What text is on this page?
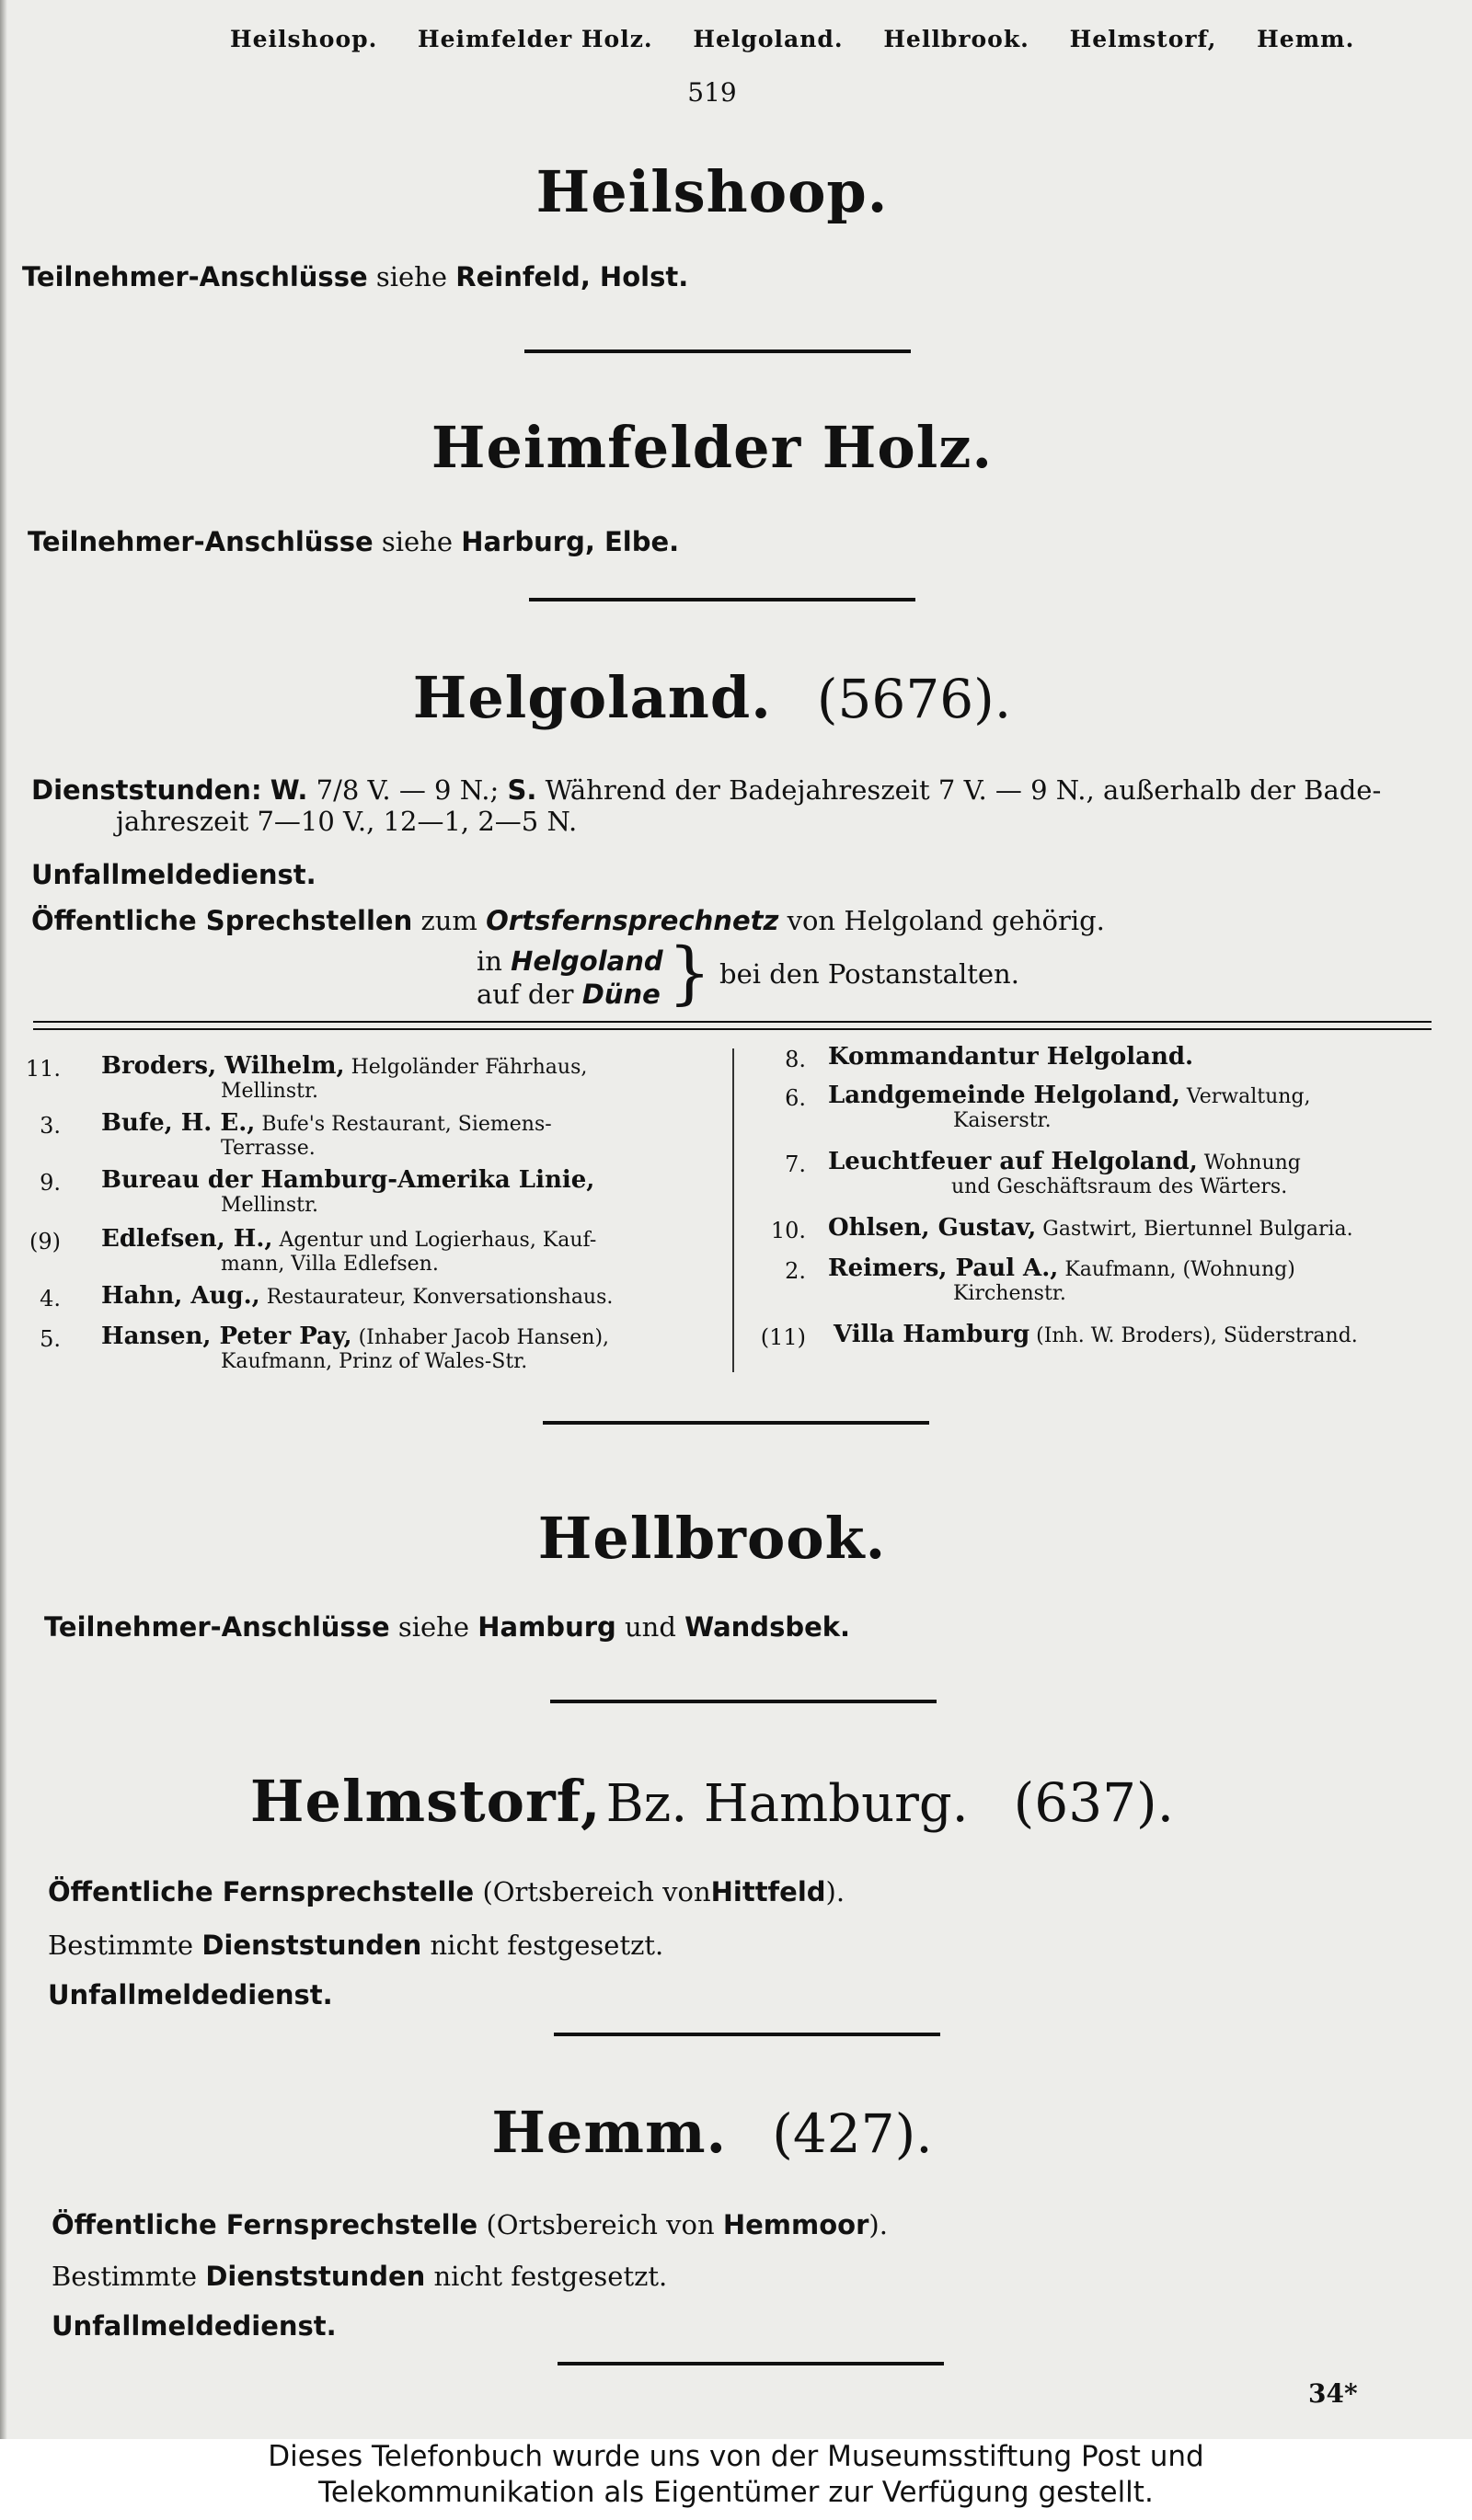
Heilshoop. Heimfelder Holz. Helgoland. Hellbrook. Helmstorf, Hemm.
519
Heilshoop.
Teilnehmer-Anschlüsse siehe Reinfeld, Holst.
Heimfelder Holz.
Teilnehmer-Anschlüsse siehe Harburg, Elbe.
Helgoland. (5676).
Dienststunden: W. 7/8 V. — 9 N.; S. Während der Badejahreszeit 7 V. — 9 N., außerhalb der Bade-
jahreszeit 7—10 V., 12—1, 2—5 N.
Unfallmeldedienst.
Öffentliche Sprechstellen zum Ortsfernsprechnetz von Helgoland gehörig.
in Helgoland
auf der Düne } bei den Postanstalten.
11. Broders, Wilhelm, Helgoländer Fährhaus,
Mellinstr.
3. Bufe, H. E., Bufe's Restaurant, Siemens-
Terrasse.
9. Bureau der Hamburg-Amerika Linie,
Mellinstr.
(9) Edlefsen, H., Agentur und Logierhaus, Kauf-
mann, Villa Edlefsen.
4. Hahn, Aug., Restaurateur, Konversationshaus.
5. Hansen, Peter Pay, (Inhaber Jacob Hansen),
Kaufmann, Prinz of Wales-Str.
8. Kommandantur Helgoland.
6. Landgemeinde Helgoland, Verwaltung,
Kaiserstr.
7. Leuchtfeuer auf Helgoland, Wohnung
und Geschäftsraum des Wärters.
10. Ohlsen, Gustav, Gastwirt, Biertunnel Bulgaria.
2. Reimers, Paul A., Kaufmann, (Wohnung)
Kirchenstr.
(11) Villa Hamburg (Inh. W. Broders), Süderstrand.
Hellbrook.
Teilnehmer-Anschlüsse siehe Hamburg und Wandsbek.
Helmstorf, Bz. Hamburg. (637).
Öffentliche Fernsprechstelle (Ortsbereich vonHittfeld).
Bestimmte Dienststunden nicht festgesetzt.
Unfallmeldedienst.
Hemm. (427).
Öffentliche Fernsprechstelle (Ortsbereich von Hemmoor).
Bestimmte Dienststunden nicht festgesetzt.
Unfallmeldedienst.
34*
Dieses Telefonbuch wurde uns von der Museumsstiftung Post und
Telekommunikation als Eigentümer zur Verfügung gestellt.
